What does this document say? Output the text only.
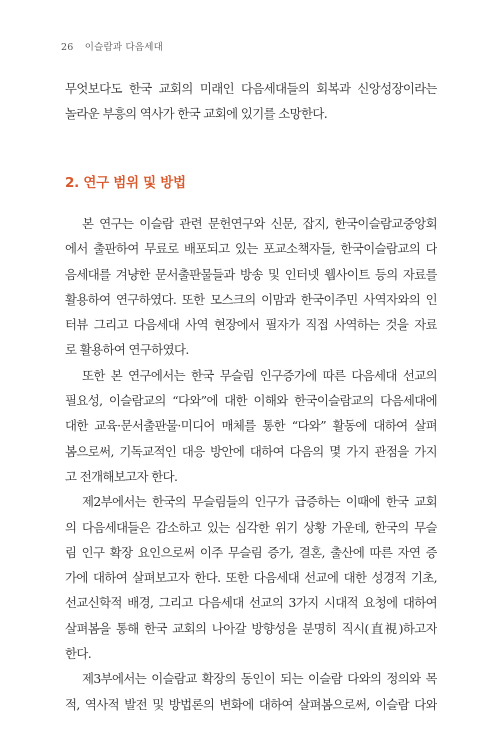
26 이슬람과 다음세대
무엇보다도 한국 교회의 미래인 다음세대들의 회복과 신앙성장이라는
놀라운 부흥의 역사가 한국 교회에 있기를 소망한다.
2. 연구 범위 및 방법
본 연구는 이슬람 관련 문헌연구와 신문, 잡지, 한국이슬람교중앙회
에서 출판하여 무료로 배포되고 있는 포교소책자들, 한국이슬람교의 다
음세대를 겨냥한 문서출판물들과 방송 및 인터넷 웹사이트 등의 자료를
활용하여 연구하였다. 또한 모스크의 이맘과 한국이주민 사역자와의 인
터뷰 그리고 다음세대 사역 현장에서 필자가 직접 사역하는 것을 자료
로 활용하여 연구하였다.
또한 본 연구에서는 한국 무슬림 인구증가에 따른 다음세대 선교의
필요성, 이슬람교의 “다와”에 대한 이해와 한국이슬람교의 다음세대에
대한 교육·문서출판물·미디어 매체를 통한 “다와” 활동에 대하여 살펴
봄으로써, 기독교적인 대응 방안에 대하여 다음의 몇 가지 관점을 가지
고 전개해보고자 한다.
제2부에서는 한국의 무슬림들의 인구가 급증하는 이때에 한국 교회
의 다음세대들은 감소하고 있는 심각한 위기 상황 가운데, 한국의 무슬
림 인구 확장 요인으로써 이주 무슬림 증가, 결혼, 출산에 따른 자연 증
가에 대하여 살펴보고자 한다. 또한 다음세대 선교에 대한 성경적 기초,
선교신학적 배경, 그리고 다음세대 선교의 3가지 시대적 요청에 대하여
살펴봄을 통해 한국 교회의 나아갈 방향성을 분명히 직시(直視)하고자
한다.
제3부에서는 이슬람교 확장의 동인이 되는 이슬람 다와의 정의와 목
적, 역사적 발전 및 방법론의 변화에 대하여 살펴봄으로써, 이슬람 다와
